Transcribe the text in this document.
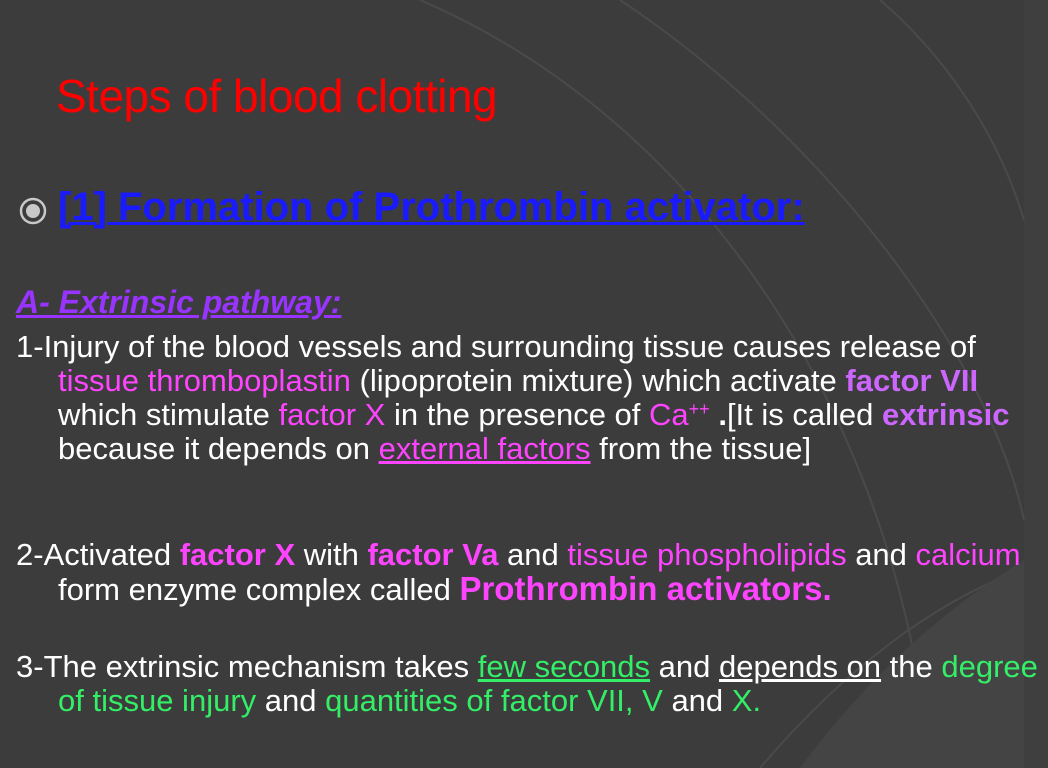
Steps of blood clotting
[1] Formation of Prothrombin activator:
A- Extrinsic pathway:
1-Injury of the blood vessels and surrounding tissue causes release of tissue thromboplastin (lipoprotein mixture) which activate factor VII which stimulate factor X in the presence of Ca++ .[It is called extrinsic because it depends on external factors from the tissue]
2-Activated factor X with factor Va and tissue phospholipids and calcium form enzyme complex called Prothrombin activators.
3-The extrinsic mechanism takes few seconds and depends on the degree of tissue injury and quantities of factor VII, V and X.
